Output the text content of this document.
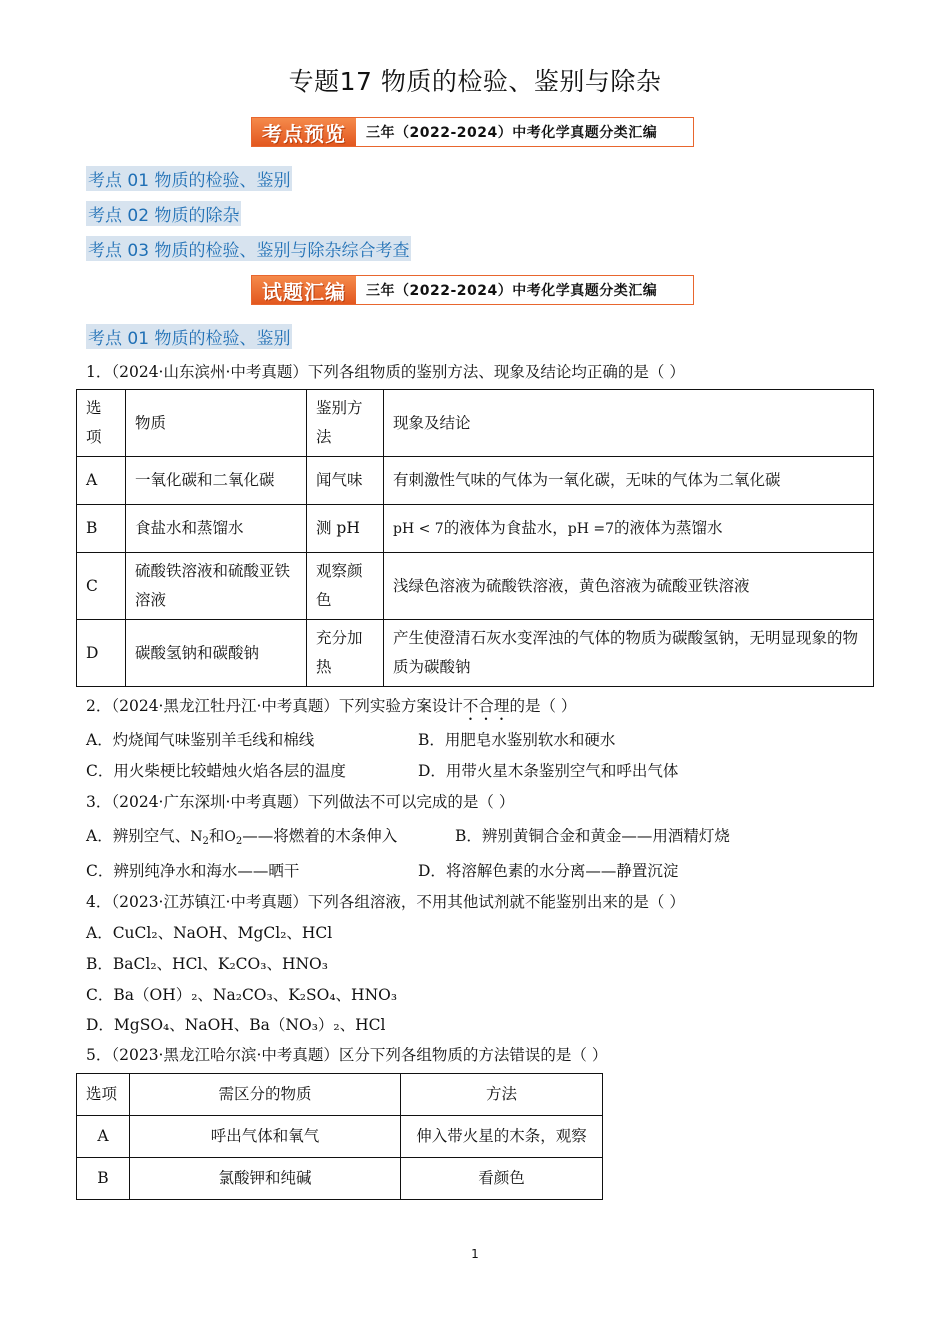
专题17 物质的检验、鉴别与除杂
考点预览	三年（2022-2024）中考化学真题分类汇编
考点 01 物质的检验、鉴别
考点 02 物质的除杂
考点 03 物质的检验、鉴别与除杂综合考查
试题汇编	三年（2022-2024）中考化学真题分类汇编
考点 01 物质的检验、鉴别
1．（2024·山东滨州·中考真题）下列各组物质的鉴别方法、现象及结论均正确的是（ ）
选项	物质	鉴别方法	现象及结论
A	一氧化碳和二氧化碳	闻气味	有刺激性气味的气体为一氧化碳，无味的气体为二氧化碳
B	食盐水和蒸馏水	测 pH	pH < 7的液体为食盐水，pH =7的液体为蒸馏水
C	硫酸铁溶液和硫酸亚铁溶液	观察颜色	浅绿色溶液为硫酸铁溶液，黄色溶液为硫酸亚铁溶液
D	碳酸氢钠和碳酸钠	充分加热	产生使澄清石灰水变浑浊的气体的物质为碳酸氢钠，无明显现象的物质为碳酸钠
2．（2024·黑龙江牡丹江·中考真题）下列实验方案设计不合理的是（ ）
A．灼烧闻气味鉴别羊毛线和棉线	B．用肥皂水鉴别软水和硬水
C．用火柴梗比较蜡烛火焰各层的温度	D．用带火星木条鉴别空气和呼出气体
3．（2024·广东深圳·中考真题）下列做法不可以完成的是（ ）
A．辨别空气、$N_2$和$O_2——$将燃着的木条伸入	B．辨别黄铜合金和黄金——用酒精灯烧
C．辨别纯净水和海水——晒干	D．将溶解色素的水分离——静置沉淀
4．（2023·江苏镇江·中考真题）下列各组溶液，不用其他试剂就不能鉴别出来的是（ ）
A．CuCl₂、NaOH、MgCl₂、HCl
B．BaCl₂、HCl、K₂CO₃、HNO₃
C．Ba（OH）₂、Na₂CO₃、K₂SO₄、HNO₃
D．MgSO₄、NaOH、Ba（NO₃）₂、HCl
5．（2023·黑龙江哈尔滨·中考真题）区分下列各组物质的方法错误的是（ ）
选项	需区分的物质	方法
A	呼出气体和氧气	伸入带火星的木条，观察
B	氯酸钾和纯碱	看颜色
1
